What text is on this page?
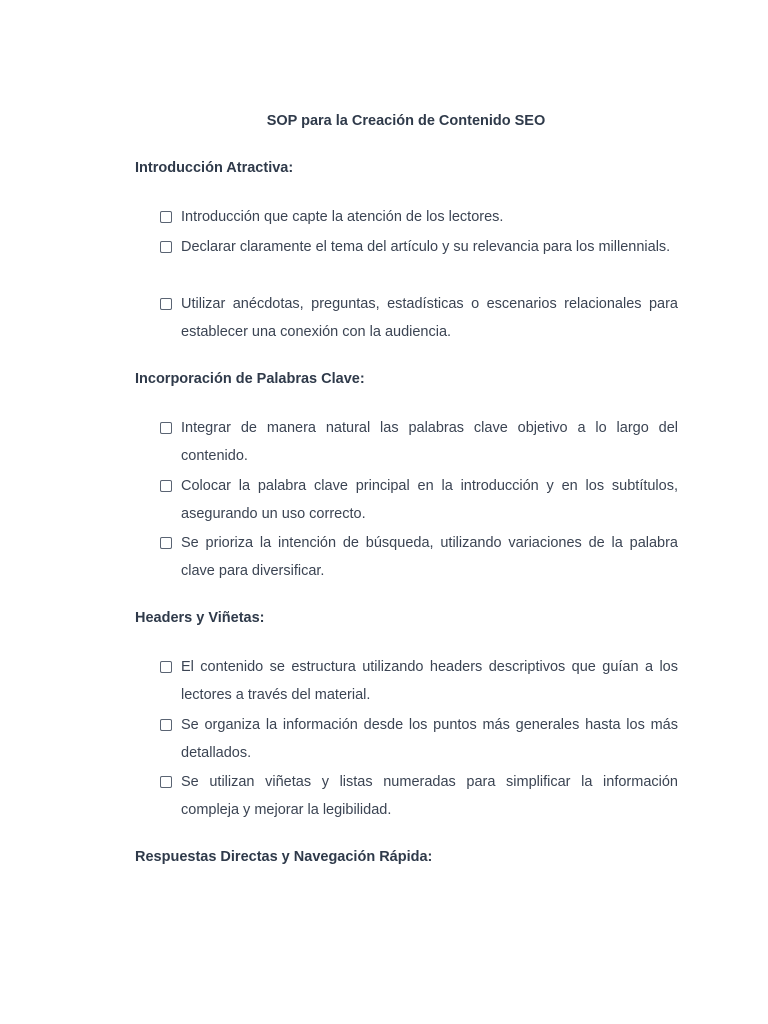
SOP para la Creación de Contenido SEO
Introducción Atractiva:
Introducción que capte la atención de los lectores.
Declarar claramente el tema del artículo y su relevancia para los millennials.
Utilizar anécdotas, preguntas, estadísticas o escenarios relacionales para establecer una conexión con la audiencia.
Incorporación de Palabras Clave:
Integrar de manera natural las palabras clave objetivo a lo largo del contenido.
Colocar la palabra clave principal en la introducción y en los subtítulos, asegurando un uso correcto.
Se prioriza la intención de búsqueda, utilizando variaciones de la palabra clave para diversificar.
Headers y Viñetas:
El contenido se estructura utilizando headers descriptivos que guían a los lectores a través del material.
Se organiza la información desde los puntos más generales hasta los más detallados.
Se utilizan viñetas y listas numeradas para simplificar la información compleja y mejorar la legibilidad.
Respuestas Directas y Navegación Rápida:
